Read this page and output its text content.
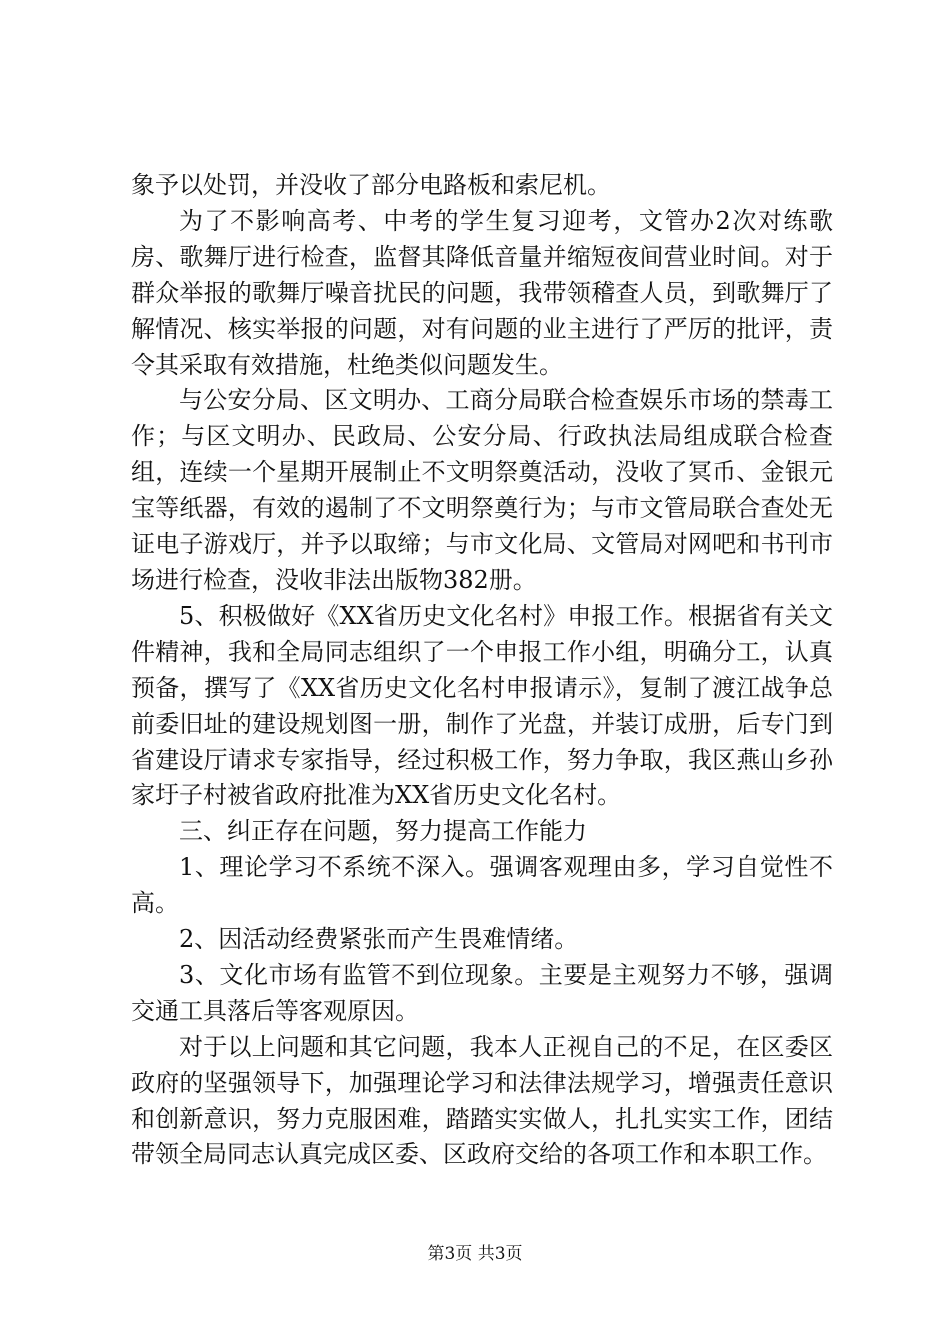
象予以处罚，并没收了部分电路板和索尼机。

为了不影响高考、中考的学生复习迎考，文管办2次对练歌房、歌舞厅进行检查，监督其降低音量并缩短夜间营业时间。对于群众举报的歌舞厅噪音扰民的问题，我带领稽查人员，到歌舞厅了解情况、核实举报的问题，对有问题的业主进行了严厉的批评，责令其采取有效措施，杜绝类似问题发生。

与公安分局、区文明办、工商分局联合检查娱乐市场的禁毒工作；与区文明办、民政局、公安分局、行政执法局组成联合检查组，连续一个星期开展制止不文明祭奠活动，没收了冥币、金银元宝等纸器，有效的遏制了不文明祭奠行为；与市文管局联合查处无证电子游戏厅，并予以取缔；与市文化局、文管局对网吧和书刊市场进行检查，没收非法出版物382册。

5、积极做好《XX省历史文化名村》申报工作。根据省有关文件精神，我和全局同志组织了一个申报工作小组，明确分工，认真预备，撰写了《XX省历史文化名村申报请示》，复制了渡江战争总前委旧址的建设规划图一册，制作了光盘，并装订成册，后专门到省建设厅请求专家指导，经过积极工作，努力争取，我区燕山乡孙家圩子村被省政府批准为XX省历史文化名村。

三、纠正存在问题，努力提高工作能力

1、理论学习不系统不深入。强调客观理由多，学习自觉性不高。

2、因活动经费紧张而产生畏难情绪。

3、文化市场有监管不到位现象。主要是主观努力不够，强调交通工具落后等客观原因。

对于以上问题和其它问题，我本人正视自己的不足，在区委区政府的坚强领导下，加强理论学习和法律法规学习，增强责任意识和创新意识，努力克服困难，踏踏实实做人，扎扎实实工作，团结带领全局同志认真完成区委、区政府交给的各项工作和本职工作。

第3页 共3页
